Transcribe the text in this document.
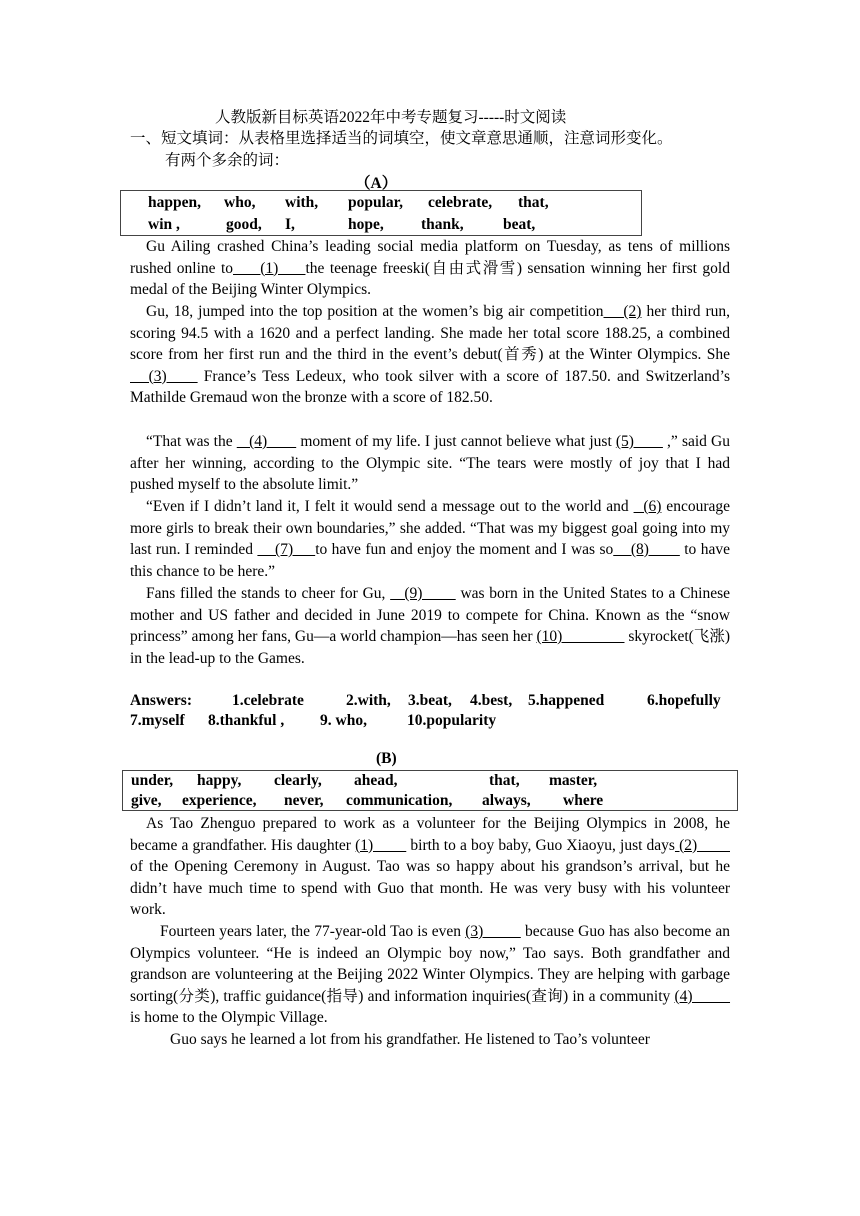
人教版新目标英语2022年中考专题复习-----时文阅读
一、短文填词：从表格里选择适当的词填空，使文章意思通顺，注意词形变化。
有两个多余的词：
（A）
happen, who, with, popular, celebrate, that,
win ,	good, I,	hope, thank,	beat,
Gu Ailing crashed China’s leading social media platform on Tuesday, as tens of millions rushed online to     (1)     the teenage freeski(自由式滑雪) sensation winning her first gold medal of the Beijing Winter Olympics.
Gu, 18, jumped into the top position at the women’s big air competition    (2) her third run, scoring 94.5 with a 1620 and a perfect landing. She made her total score 188.25, a combined score from her first run and the third in the event’s debut(首秀) at the Winter Olympics. She    (3)      France’s Tess Ledeux, who took silver with a score of 187.50. and Switzerland’s Mathilde Gremaud won the bronze with a score of 182.50.
“That was the    (4)        moment of my life. I just cannot believe what just (5)        ,” said Gu after her winning, according to the Olympic site. “The tears were mostly of joy that I had pushed myself to the absolute limit.”
“Even if I didn’t land it, I felt it would send a message out to the world and   (6) encourage more girls to break their own boundaries,” she added. “That was my biggest goal going into my last run. I reminded     (7)     to have fun and enjoy the moment and I was so    (8)        to have this chance to be here.”
Fans filled the stands to cheer for Gu,    (9)        was born in the United States to a Chinese mother and US father and decided in June 2019 to compete for China. Known as the “snow princess” among her fans, Gu—a world champion—has seen her (10)                 skyrocket(飞涨) in the lead-up to the Games.
Answers:	1.celebrate	2.with, 3.beat, 4.best, 5.happened	6.hopefully
7.myself 8.thankful , 9. who,	10.popularity
(B)
under, happy, clearly, ahead,	that, master,
give, experience, never, communication, always, where
As Tao Zhenguo prepared to work as a volunteer for the Beijing Olympics in 2008, he became a grandfather. His daughter (1)         birth to a boy baby, Guo Xiaoyu, just days (2)         of the Opening Ceremony in August. Tao was so happy about his grandson’s arrival, but he didn’t have much time to spend with Guo that month. He was very busy with his volunteer work.
Fourteen years later, the 77-year-old Tao is even (3)          because Guo has also become an Olympics volunteer. “He is indeed an Olympic boy now,” Tao says. Both grandfather and grandson are volunteering at the Beijing 2022 Winter Olympics. They are helping with garbage sorting(分类), traffic guidance(指导) and information inquiries(查询) in a community (4)          is home to the Olympic Village.
Guo says he learned a lot from his grandfather. He listened to Tao’s volunteer
